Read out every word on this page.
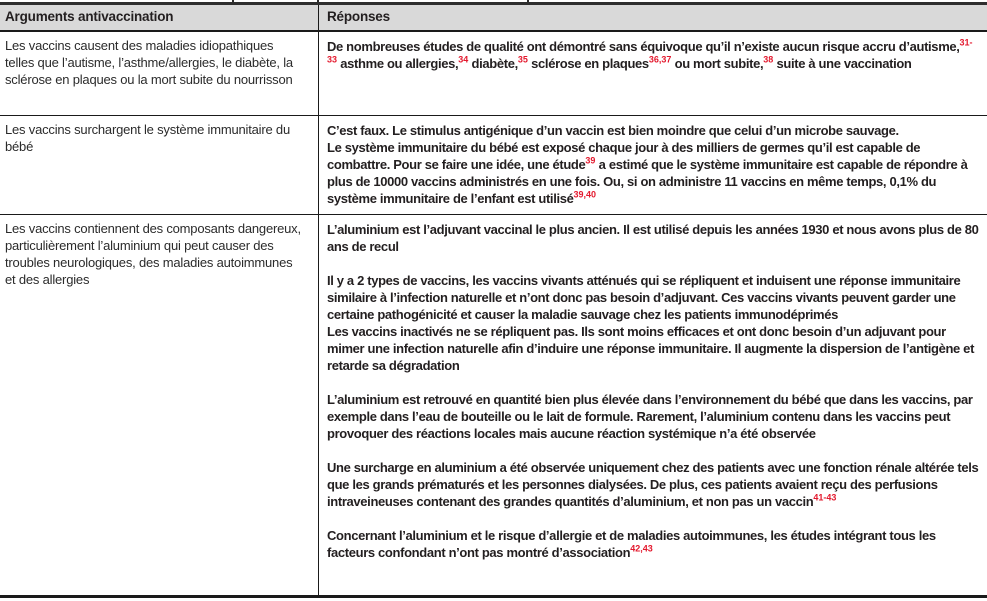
Arguments antivaccination	Réponses

Les vaccins causent des maladies idiopathiques telles que l’autisme, l’asthme/allergies, le diabète, la sclérose en plaques ou la mort subite du nourrisson

De nombreuses études de qualité ont démontré sans équivoque qu’il n’existe aucun risque accru d’autisme,$^{31-33}$ asthme ou allergies,$^{34}$ diabète,$^{35}$ sclérose en plaques$^{36,37}$ ou mort subite,$^{38}$ suite à une vaccination

Les vaccins surchargent le système immunitaire du bébé

C’est faux. Le stimulus antigénique d’un vaccin est bien moindre que celui d’un microbe sauvage.
Le système immunitaire du bébé est exposé chaque jour à des milliers de germes qu’il est capable de combattre. Pour se faire une idée, une étude$^{39}$ a estimé que le système immunitaire est capable de répondre à plus de 10000 vaccins administrés en une fois. Ou, si on administre 11 vaccins en même temps, 0,1% du système immunitaire de l’enfant est utilisé$^{39,40}$

Les vaccins contiennent des composants dangereux, particulièrement l’aluminium qui peut causer des troubles neurologiques, des maladies autoimmunes et des allergies

L’aluminium est l’adjuvant vaccinal le plus ancien. Il est utilisé depuis les années 1930 et nous avons plus de 80 ans de recul

Il y a 2 types de vaccins, les vaccins vivants atténués qui se répliquent et induisent une réponse immunitaire similaire à l’infection naturelle et n’ont donc pas besoin d’adjuvant. Ces vaccins vivants peuvent garder une certaine pathogénicité et causer la maladie sauvage chez les patients immunodéprimés
Les vaccins inactivés ne se répliquent pas. Ils sont moins efficaces et ont donc besoin d’un adjuvant pour mimer une infection naturelle afin d’induire une réponse immunitaire. Il augmente la dispersion de l’antigène et retarde sa dégradation

L’aluminium est retrouvé en quantité bien plus élevée dans l’environnement du bébé que dans les vaccins, par exemple dans l’eau de bouteille ou le lait de formule. Rarement, l’aluminium contenu dans les vaccins peut provoquer des réactions locales mais aucune réaction systémique n’a été observée

Une surcharge en aluminium a été observée uniquement chez des patients avec une fonction rénale altérée tels que les grands prématurés et les personnes dialysées. De plus, ces patients avaient reçu des perfusions intraveineuses contenant des grandes quantités d’aluminium, et non pas un vaccin$^{41-43}$

Concernant l’aluminium et le risque d’allergie et de maladies autoimmunes, les études intégrant tous les facteurs confondant n’ont pas montré d’association$^{42,43}$
